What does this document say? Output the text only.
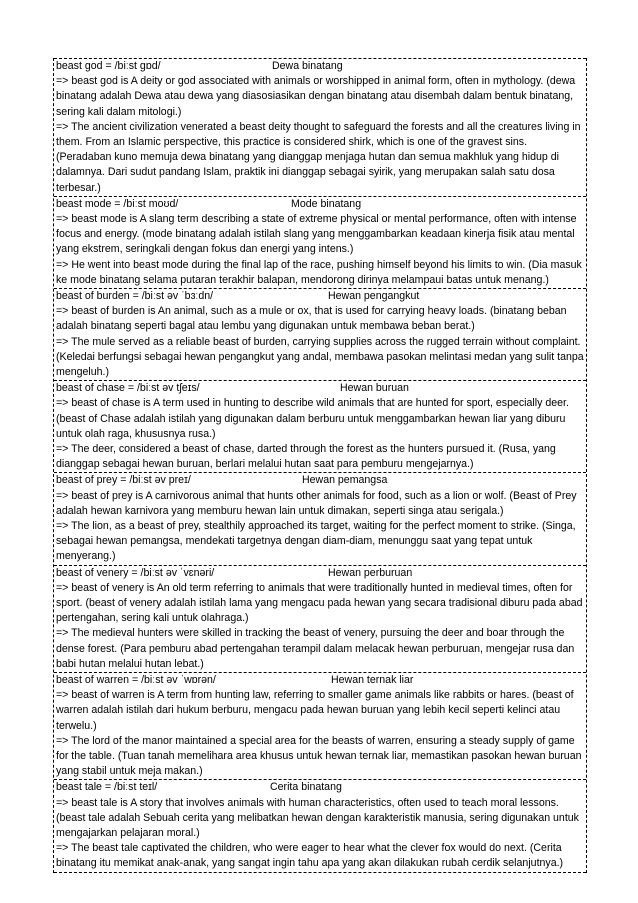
beast god = /biːst ɡɒd/	Dewa binatang
=> beast god is A deity or god associated with animals or worshipped in animal form, often in mythology. (dewa binatang adalah Dewa atau dewa yang diasosiasikan dengan binatang atau disembah dalam bentuk binatang, sering kali dalam mitologi.)
=> The ancient civilization venerated a beast deity thought to safeguard the forests and all the creatures living in them. From an Islamic perspective, this practice is considered shirk, which is one of the gravest sins. (Peradaban kuno memuja dewa binatang yang dianggap menjaga hutan dan semua makhluk yang hidup di dalamnya. Dari sudut pandang Islam, praktik ini dianggap sebagai syirik, yang merupakan salah satu dosa terbesar.)
beast mode = /biːst moʊd/	Mode binatang
=> beast mode is A slang term describing a state of extreme physical or mental performance, often with intense focus and energy. (mode binatang adalah istilah slang yang menggambarkan keadaan kinerja fisik atau mental yang ekstrem, seringkali dengan fokus dan energi yang intens.)
=> He went into beast mode during the final lap of the race, pushing himself beyond his limits to win. (Dia masuk ke mode binatang selama putaran terakhir balapan, mendorong dirinya melampaui batas untuk menang.)
beast of burden = /biːst əv ˈbɜːdn/	Hewan pengangkut
=> beast of burden is An animal, such as a mule or ox, that is used for carrying heavy loads. (binatang beban adalah binatang seperti bagal atau lembu yang digunakan untuk membawa beban berat.)
=> The mule served as a reliable beast of burden, carrying supplies across the rugged terrain without complaint. (Keledai berfungsi sebagai hewan pengangkut yang andal, membawa pasokan melintasi medan yang sulit tanpa mengeluh.)
beast of chase = /biːst əv tʃeɪs/	Hewan buruan
=> beast of chase is A term used in hunting to describe wild animals that are hunted for sport, especially deer. (beast of Chase adalah istilah yang digunakan dalam berburu untuk menggambarkan hewan liar yang diburu untuk olah raga, khususnya rusa.)
=> The deer, considered a beast of chase, darted through the forest as the hunters pursued it. (Rusa, yang dianggap sebagai hewan buruan, berlari melalui hutan saat para pemburu mengejarnya.)
beast of prey = /biːst əv preɪ/	Hewan pemangsa
=> beast of prey is A carnivorous animal that hunts other animals for food, such as a lion or wolf. (Beast of Prey adalah hewan karnivora yang memburu hewan lain untuk dimakan, seperti singa atau serigala.)
=> The lion, as a beast of prey, stealthily approached its target, waiting for the perfect moment to strike. (Singa, sebagai hewan pemangsa, mendekati targetnya dengan diam-diam, menunggu saat yang tepat untuk menyerang.)
beast of venery = /biːst əv ˈvɛnəri/	Hewan perburuan
=> beast of venery is An old term referring to animals that were traditionally hunted in medieval times, often for sport. (beast of venery adalah istilah lama yang mengacu pada hewan yang secara tradisional diburu pada abad pertengahan, sering kali untuk olahraga.)
=> The medieval hunters were skilled in tracking the beast of venery, pursuing the deer and boar through the dense forest. (Para pemburu abad pertengahan terampil dalam melacak hewan perburuan, mengejar rusa dan babi hutan melalui hutan lebat.)
beast of warren = /biːst əv ˈwɒrən/	Hewan ternak liar
=> beast of warren is A term from hunting law, referring to smaller game animals like rabbits or hares. (beast of warren adalah istilah dari hukum berburu, mengacu pada hewan buruan yang lebih kecil seperti kelinci atau terwelu.)
=> The lord of the manor maintained a special area for the beasts of warren, ensuring a steady supply of game for the table. (Tuan tanah memelihara area khusus untuk hewan ternak liar, memastikan pasokan hewan buruan yang stabil untuk meja makan.)
beast tale = /biːst teɪl/	Cerita binatang
=> beast tale is A story that involves animals with human characteristics, often used to teach moral lessons. (beast tale adalah Sebuah cerita yang melibatkan hewan dengan karakteristik manusia, sering digunakan untuk mengajarkan pelajaran moral.)
=> The beast tale captivated the children, who were eager to hear what the clever fox would do next. (Cerita binatang itu memikat anak-anak, yang sangat ingin tahu apa yang akan dilakukan rubah cerdik selanjutnya.)
